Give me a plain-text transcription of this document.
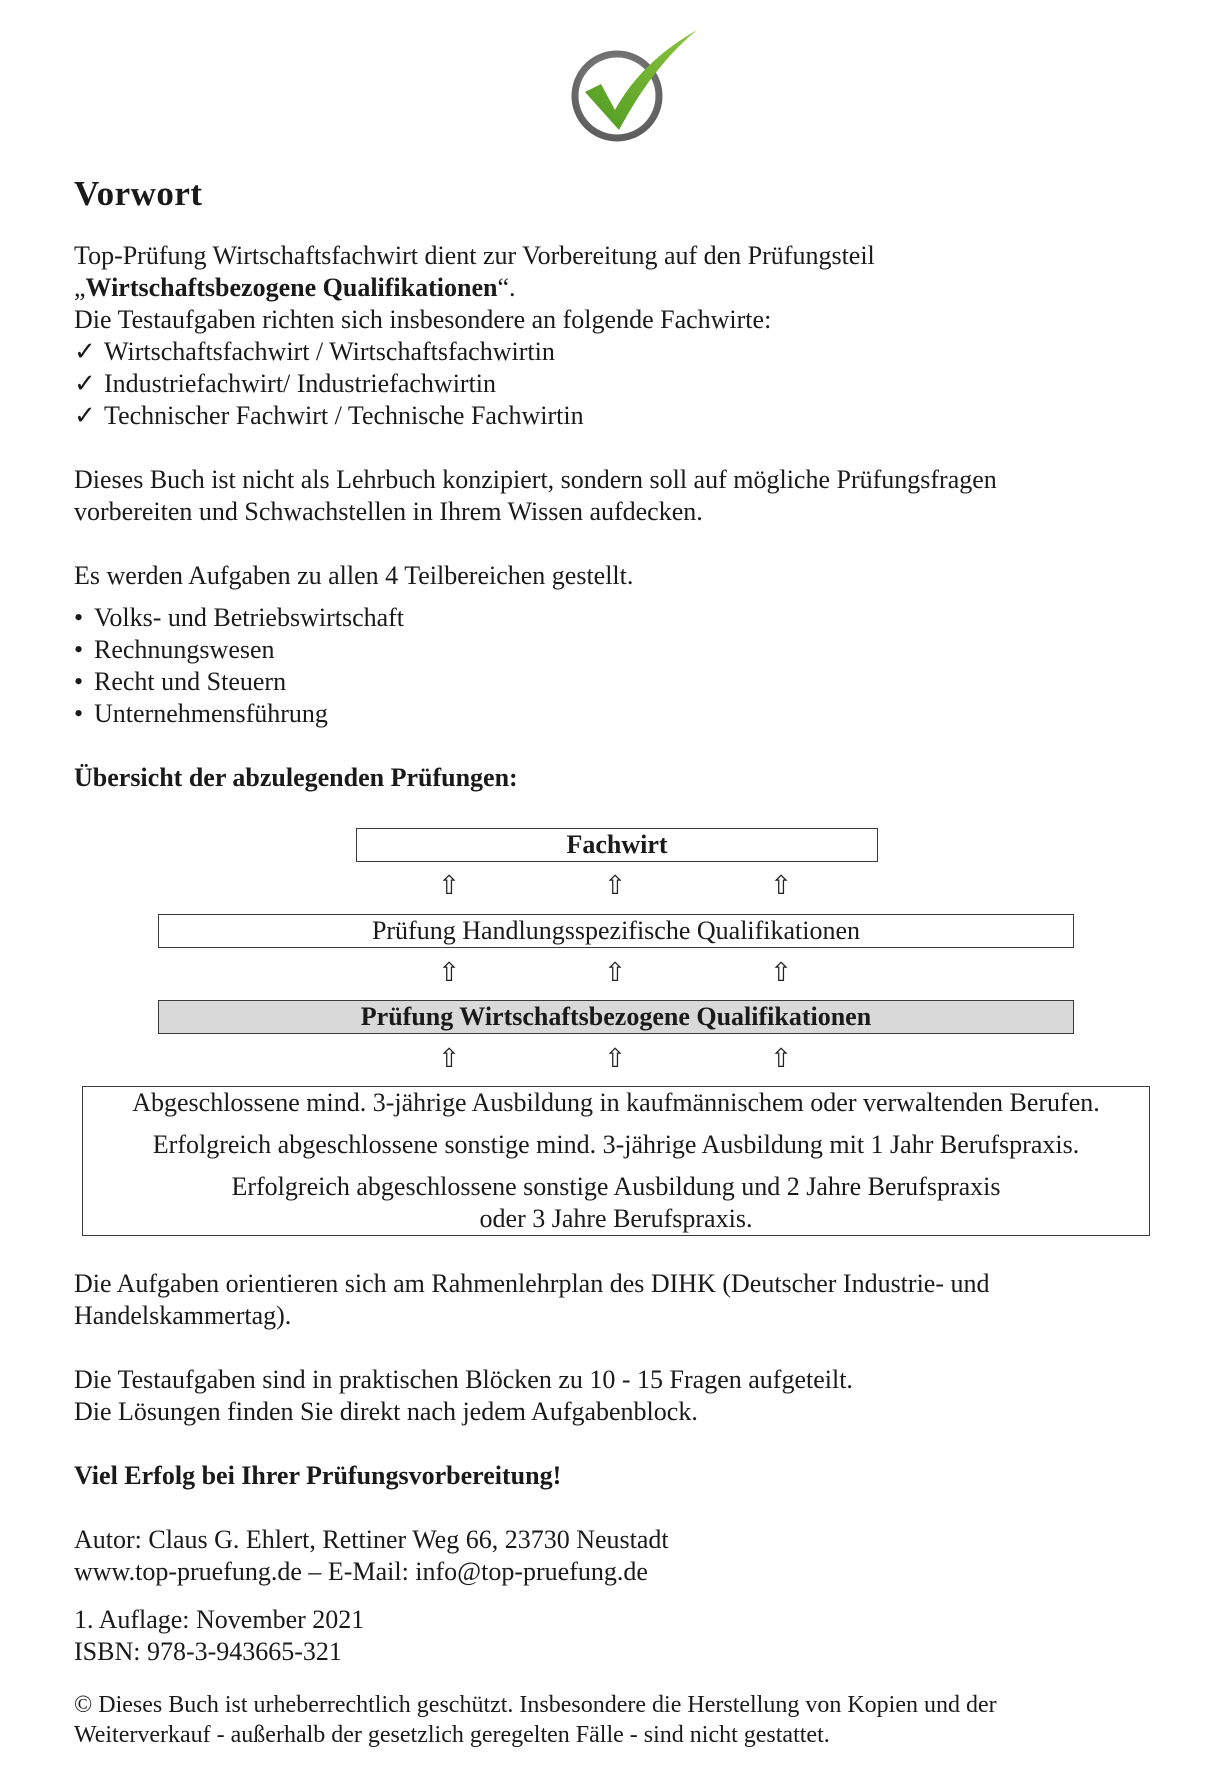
Vorwort
Top-Prüfung Wirtschaftsfachwirt dient zur Vorbereitung auf den Prüfungsteil
„Wirtschaftsbezogene Qualifikationen“.
Die Testaufgaben richten sich insbesondere an folgende Fachwirte:
✓ Wirtschaftsfachwirt / Wirtschaftsfachwirtin
✓ Industriefachwirt/ Industriefachwirtin
✓ Technischer Fachwirt / Technische Fachwirtin
Dieses Buch ist nicht als Lehrbuch konzipiert, sondern soll auf mögliche Prüfungsfragen
vorbereiten und Schwachstellen in Ihrem Wissen aufdecken.
Es werden Aufgaben zu allen 4 Teilbereichen gestellt.
• Volks- und Betriebswirtschaft
• Rechnungswesen
• Recht und Steuern
• Unternehmensführung
Übersicht der abzulegenden Prüfungen:
Fachwirt
⇧	⇧	⇧
Prüfung Handlungsspezifische Qualifikationen
⇧	⇧	⇧
Prüfung Wirtschaftsbezogene Qualifikationen
⇧	⇧	⇧

Abgeschlossene mind. 3-jährige Ausbildung in kaufmännischem oder verwaltenden Berufen.

Erfolgreich abgeschlossene sonstige mind. 3-jährige Ausbildung mit 1 Jahr Berufspraxis.

Erfolgreich abgeschlossene sonstige Ausbildung und 2 Jahre Berufspraxis

oder 3 Jahre Berufspraxis.

Die Aufgaben orientieren sich am Rahmenlehrplan des DIHK (Deutscher Industrie- und
Handelskammertag).
Die Testaufgaben sind in praktischen Blöcken zu 10 - 15 Fragen aufgeteilt.
Die Lösungen finden Sie direkt nach jedem Aufgabenblock.
Viel Erfolg bei Ihrer Prüfungsvorbereitung!
Autor: Claus G. Ehlert, Rettiner Weg 66, 23730 Neustadt
www.top-pruefung.de – E-Mail: info@top-pruefung.de
1. Auflage: November 2021
ISBN: 978-3-943665-321
© Dieses Buch ist urheberrechtlich geschützt. Insbesondere die Herstellung von Kopien und der
Weiterverkauf - außerhalb der gesetzlich geregelten Fälle - sind nicht gestattet.
